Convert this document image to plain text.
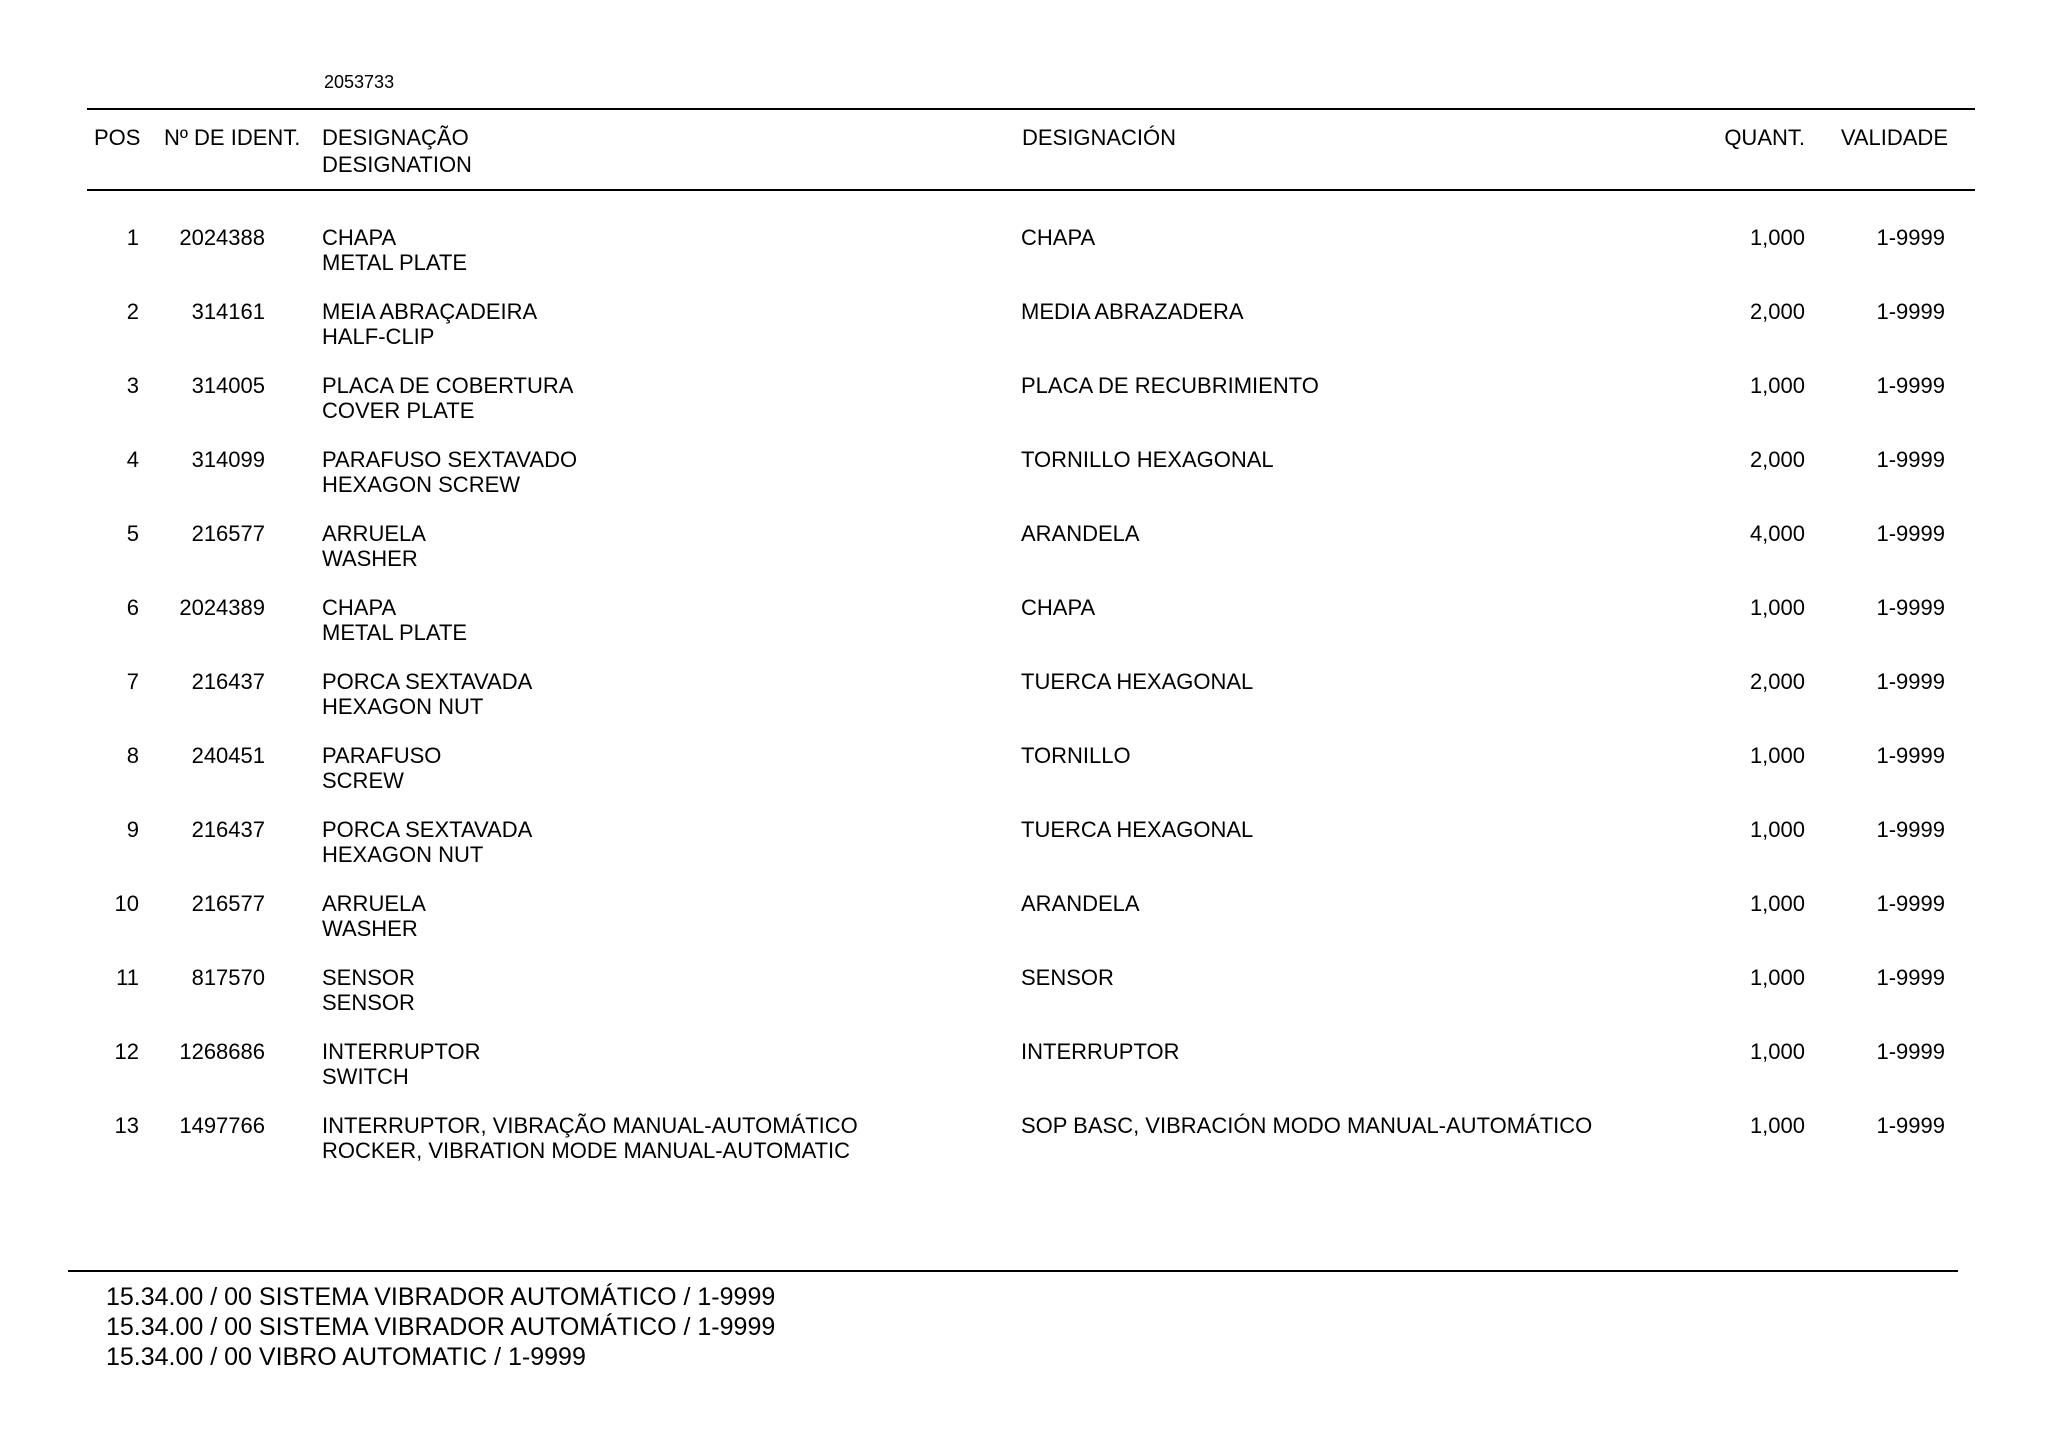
2053733
POS Nº DE IDENT. DESIGNAÇÃO
DESIGNATION
DESIGNACIÓN	QUANT. VALIDADE
1 2024388	CHAPA
METAL PLATE
CHAPA	1,000	1-9999
2 314161	MEIA ABRAÇADEIRA
HALF-CLIP
MEDIA ABRAZADERA	2,000	1-9999
3 314005	PLACA DE COBERTURA
COVER PLATE
PLACA DE RECUBRIMIENTO	1,000	1-9999
4 314099	PARAFUSO SEXTAVADO
HEXAGON SCREW
TORNILLO HEXAGONAL	2,000	1-9999
5 216577	ARRUELA
WASHER
ARANDELA	4,000	1-9999
6 2024389	CHAPA
METAL PLATE
CHAPA	1,000	1-9999
7 216437	PORCA SEXTAVADA
HEXAGON NUT
TUERCA HEXAGONAL	2,000	1-9999
8 240451	PARAFUSO
SCREW
TORNILLO	1,000	1-9999
9 216437	PORCA SEXTAVADA
HEXAGON NUT
TUERCA HEXAGONAL	1,000	1-9999
10 216577	ARRUELA
WASHER
ARANDELA	1,000	1-9999
11 817570	SENSOR
SENSOR
SENSOR	1,000	1-9999
12 1268686	INTERRUPTOR
SWITCH
INTERRUPTOR	1,000	1-9999
13 1497766	INTERRUPTOR, VIBRAÇÃO MANUAL-AUTOMÁTICO
ROCKER, VIBRATION MODE MANUAL-AUTOMATIC
SOP BASC, VIBRACIÓN MODO MANUAL-AUTOMÁTICO	1,000	1-9999
15.34.00 / 00 SISTEMA VIBRADOR AUTOMÁTICO / 1-9999
15.34.00 / 00 SISTEMA VIBRADOR AUTOMÁTICO / 1-9999
15.34.00 / 00 VIBRO AUTOMATIC / 1-9999
